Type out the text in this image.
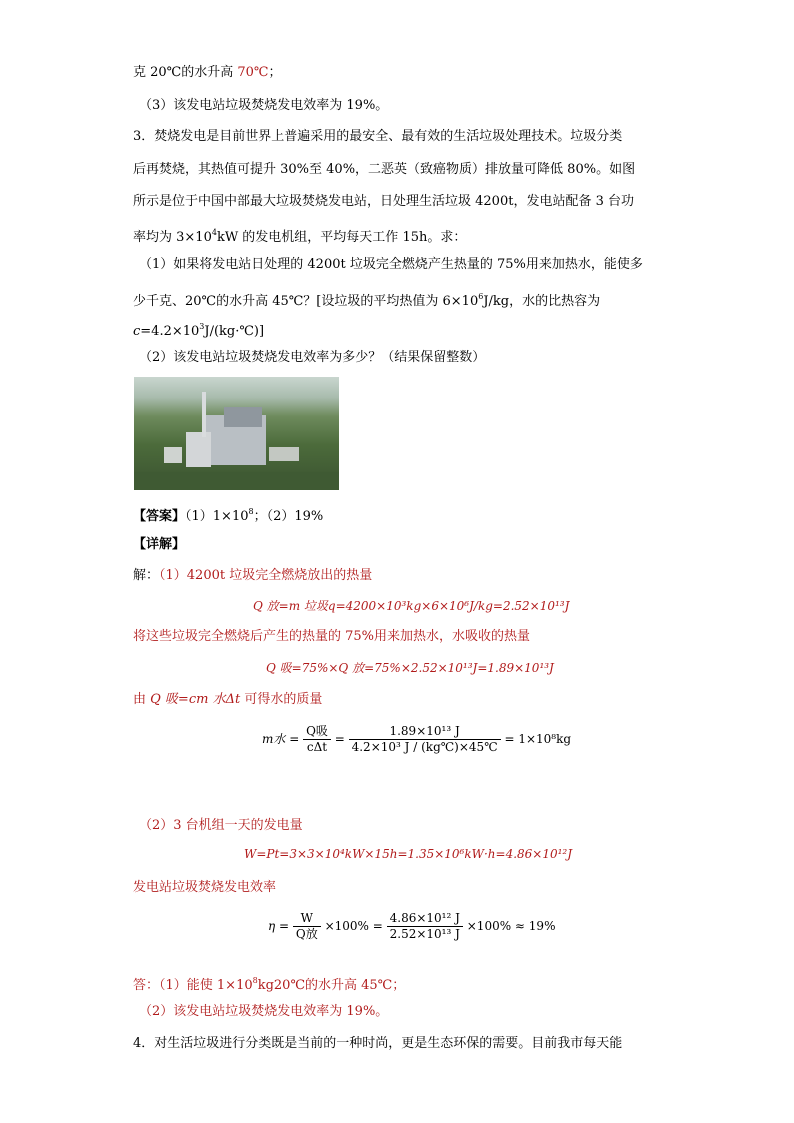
克 20℃的水升高 70℃；
（3）该发电站垃圾焚烧发电效率为 19%。
3．焚烧发电是目前世界上普遍采用的最安全、最有效的生活垃圾处理技术。垃圾分类
后再焚烧，其热值可提升 30%至 40%，二恶英（致癌物质）排放量可降低 80%。如图
所示是位于中国中部最大垃圾焚烧发电站，日处理生活垃圾 4200t，发电站配备 3 台功
率均为 $3\times 10^4kW$ 的发电机组，平均每天工作 15h。求：
（1）如果将发电站日处理的 4200t 垃圾完全燃烧产生热量的 75%用来加热水，能使多
少千克、20℃的水升高 45℃？[设垃圾的平均热值为 $6\times 10^6J/kg$，水的比热容为
$c=4.2\times 10^3J/(kg\cdot℃)$]
（2）该发电站垃圾焚烧发电效率为多少？（结果保留整数）
【答案】$(1)1\times 10^8$；（2）19%
【详解】
解：（1）4200t 垃圾完全燃烧放出的热量
Q 放=m 垃圾q=4200×10³kg×6×10⁶J/kg=2.52×10¹³J
将这些垃圾完全燃烧后产生的热量的 75%用来加热水，水吸收的热量
Q 吸=75%×Q 放=75%×2.52×10¹³J=1.89×10¹³J
由 Q 吸=cm 水Δt 可得水的质量
m水 = $\frac{\text{Q吸}}{\text{cΔt}} = \frac{\text{1.89×10¹³ J}}{\text{4.2×10³ J / (kg℃)×45℃}} = 1\times 10^8kg$
（2）3 台机组一天的发电量
W=Pt=3×3×10⁴kW×15h=1.35×10⁶kW·h=4.86×10¹²J
发电站垃圾焚烧发电效率
$\eta = \frac{W}{\text{Q放}} \times 100\% = \frac{\text{4.86×10¹² J}}{\text{2.52×10¹³ J}} \times 100\% \approx 19\%$
答：（1）能使 $1\times 10^8kg20℃$的水升高 45℃；
（2）该发电站垃圾焚烧发电效率为 19%。
4．对生活垃圾进行分类既是当前的一种时尚，更是生态环保的需要。目前我市每天能
